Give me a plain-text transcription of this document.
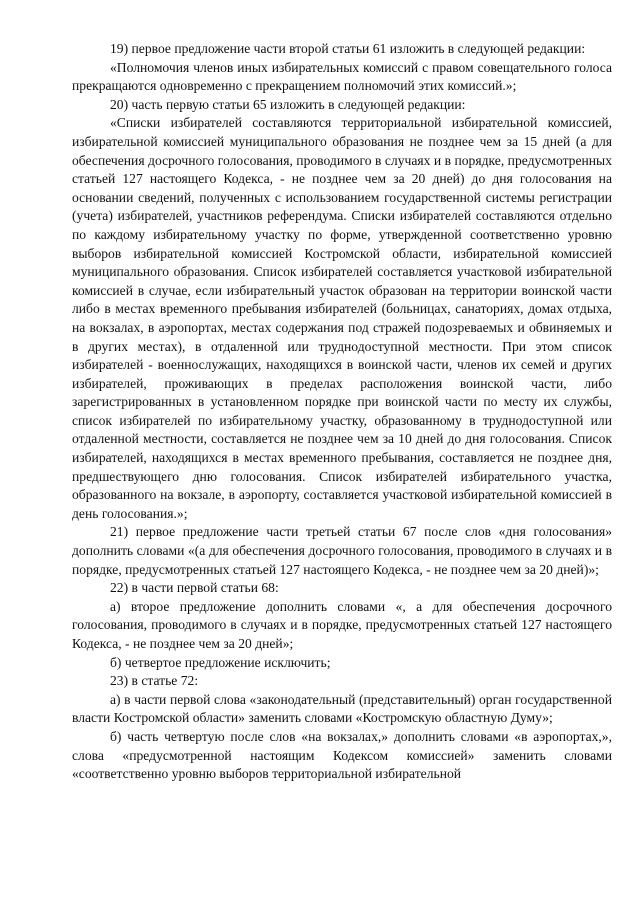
19) первое предложение части второй статьи 61 изложить в следующей редакции:

«Полномочия членов иных избирательных комиссий с правом совещательного голоса прекращаются одновременно с прекращением полномочий этих комиссий.»;

20) часть первую статьи 65 изложить в следующей редакции:

«Списки избирателей составляются территориальной избирательной комиссией, избирательной комиссией муниципального образования не позднее чем за 15 дней (а для обеспечения досрочного голосования, проводимого в случаях и в порядке, предусмотренных статьей 127 настоящего Кодекса, - не позднее чем за 20 дней) до дня голосования на основании сведений, полученных с использованием государственной системы регистрации (учета) избирателей, участников референдума. Списки избирателей составляются отдельно по каждому избирательному участку по форме, утвержденной соответственно уровню выборов избирательной комиссией Костромской области, избирательной комиссией муниципального образования. Список избирателей составляется участковой избирательной комиссией в случае, если избирательный участок образован на территории воинской части либо в местах временного пребывания избирателей (больницах, санаториях, домах отдыха, на вокзалах, в аэропортах, местах содержания под стражей подозреваемых и обвиняемых и в других местах), в отдаленной или труднодоступной местности. При этом список избирателей - военнослужащих, находящихся в воинской части, членов их семей и других избирателей, проживающих в пределах расположения воинской части, либо зарегистрированных в установленном порядке при воинской части по месту их службы, список избирателей по избирательному участку, образованному в труднодоступной или отдаленной местности, составляется не позднее чем за 10 дней до дня голосования. Список избирателей, находящихся в местах временного пребывания, составляется не позднее дня, предшествующего дню голосования. Список избирателей избирательного участка, образованного на вокзале, в аэропорту, составляется участковой избирательной комиссией в день голосования.»;

21) первое предложение части третьей статьи 67 после слов «дня голосования» дополнить словами «(а для обеспечения досрочного голосования, проводимого в случаях и в порядке, предусмотренных статьей 127 настоящего Кодекса, - не позднее чем за 20 дней)»;

22) в части первой статьи 68:

а) второе предложение дополнить словами «, а для обеспечения досрочного голосования, проводимого в случаях и в порядке, предусмотренных статьей 127 настоящего Кодекса, - не позднее чем за 20 дней»;

б) четвертое предложение исключить;

23) в статье 72:

а) в части первой слова «законодательный (представительный) орган государственной власти Костромской области» заменить словами «Костромскую областную Думу»;

б) часть четвертую после слов «на вокзалах,» дополнить словами «в аэропортах,», слова «предусмотренной настоящим Кодексом комиссией» заменить словами «соответственно уровню выборов территориальной избирательной
